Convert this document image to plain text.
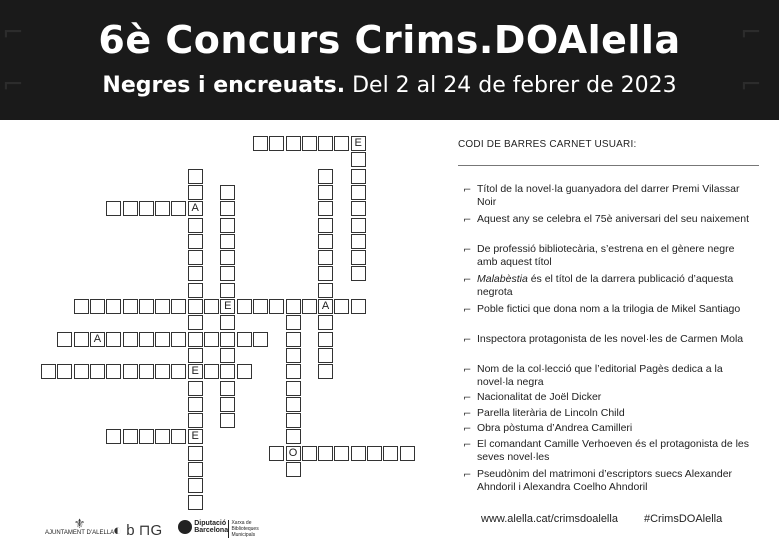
⌐	⌐
⌐	⌐
6è Concurs Crims.DOAlella
Negres i encreuats. Del 2 al 24 de febrer de 2023
E
A
A
E
E
E
O
A
CODI DE BARRES CARNET USUARI:
⌐ Títol de la novel·la guanyadora del darrer Premi Vilassar Noir
⌐ Aquest any se celebra el 75è aniversari del seu naixement
⌐ De professió bibliotecària, s’estrena en el gènere negre amb aquest títol
⌐ Malabèstia és el títol de la darrera publicació d’aquesta negrota
⌐ Poble fictici que dona nom a la trilogia de Mikel Santiago
⌐ Inspectora protagonista de les novel·les de Carmen Mola
⌐ Nom de la col·lecció que l’editorial Pagès dedica a la novel·la negra
⌐ Nacionalitat de Joël Dicker
⌐ Parella literària de Lincoln Child
⌐ Obra pòstuma d’Andrea Camilleri
⌐ El comandant Camille Verhoeven és el protagonista de les seves novel·les
⌐ Pseudònim del matrimoni d’escriptors suecs Alexander Ahndoril i Alexandra Coelho Ahndoril
⚜
AJUNTAMENT D’ALELLA
◐ b ⊓G	Diputació Barcelona Xarxa de Biblioteques Municipals
www.alella.cat/crimsdoalella #CrimsDOAlella
